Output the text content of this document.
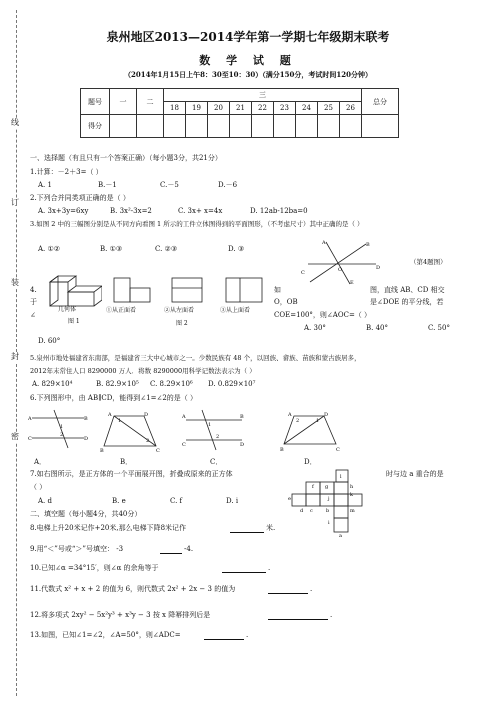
线
订
装
封
密
泉州地区2013—2014学年第一学期七年级期末联考
数 学 试 题
（2014年1月15日上午8：30至10：30）（满分150分，考试时间120分钟）
题号	一	二	三									总分
			18	19	20	21	22	23	24	25	26	
得分												
一、选择题（有且只有一个答案正确）（每小题3分，共21分）
1.计算：－2＋3=（ ）
A. 1	B.－1	C.－5	D.－6
2.下列合并同类项正确的是（ ）
A. 3x+3y=6xy	B. 3x²-3x=2	C. 3x+ x=4x	D. 12ab-12ba=0
3.如图 2 中的三幅图分别是从不同方向看图 1 所示的工件立体图得到的平面图形，（不考虑尺寸）其中正确的是（ ）
A. ①②	B. ①③	C. ②③	D. ③
几何体
图 1
①从正面看	②从左面看
图 2
③从上面看
C
D
A	B
E
O
（第4题图）
4.	如	图，直线 AB、CD 相交
于	O，OB	是∠DOE 的平分线，若
∠	COE=100°，则∠AOC=（ ）
A. 30°	B. 40°	C. 50°
D. 60°
5.泉州市地处福建省东南部，是福建省三大中心城市之一。少数民族有 48 个，以回族、畲族、苗族和蒙古族居多，
2012年末常住人口 8290000 万人．将数 8290000用科学记数法表示为（ ）
A. 829×10⁴	B. 82.9×10⁵ C. 8.29×10⁶ D. 0.829×10⁷
6.下列图形中，由 AB∥CD，能得到∠1=∠2的是（ ）
A	B
C	D
1
2
A	D
B	C
1
2
A	B
C	D
1
2
A	D
B	C
2	1
A．	B．	C．	D．
7.如右图所示，是正方体的一个平面展开图，折叠成原来的正方体	时与边 a 重合的是
（ ）
A. d	B. e	C. f	D. i
l
f g	h
k
e	j
d c	b
i
m
a
二、填空题（每小题4分，共40分）
8.电梯上升20米记作+20米,那么电梯下降8米记作	米.
9.用“＜”号或“＞”号填空： -3	-4.
10.已知∠α =34°15′，则∠α 的余角等于	.
11.代数式 x² + x + 2 的值为 6，则代数式 2x² + 2x − 3 的值为	.
12.将多项式 2xy² − 5x²y³ + x³y − 3 按 x 降幂排列后是	.
13.如图，已知∠1=∠2，∠A=50°，则∠ADC=	.
